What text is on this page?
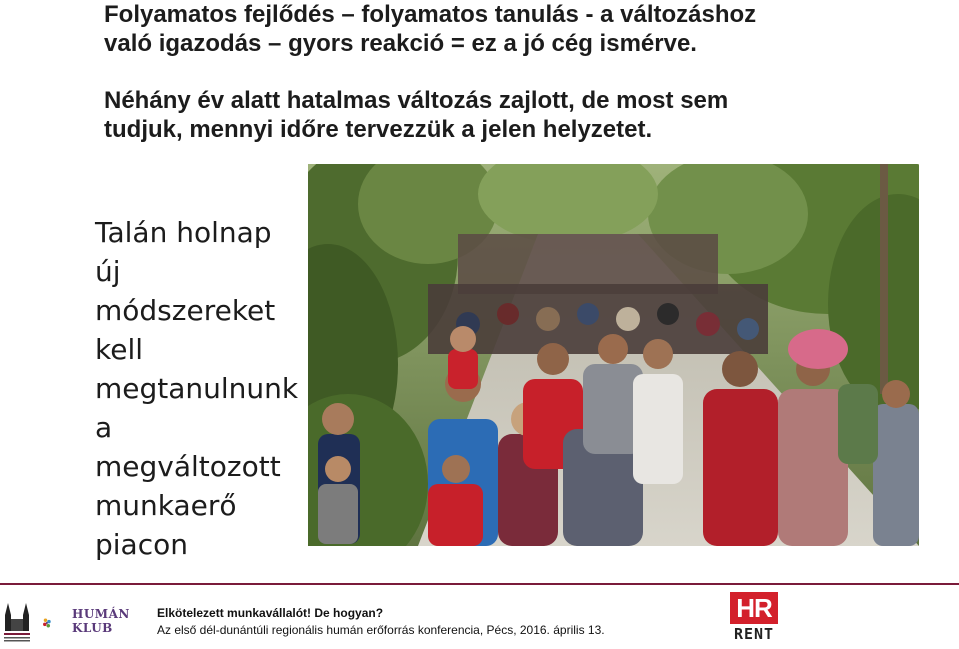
Folyamatos fejlődés – folyamatos tanulás - a változáshoz
való igazodás – gyors reakció = ez a jó cég ismérve.
Néhány év alatt hatalmas változás zajlott, de most sem
tudjuk, mennyi időre tervezzük a jelen helyzetet.
Talán holnap
új
módszereket
kell
megtanulnunk
a megváltozott
munkaerő
piacon
HUMÁN
KLUB
Elkötelezett munkavállalót! De hogyan?
Az első dél-dunántúli regionális humán erőforrás konferencia, Pécs, 2016. április 13.
HR
RENT
